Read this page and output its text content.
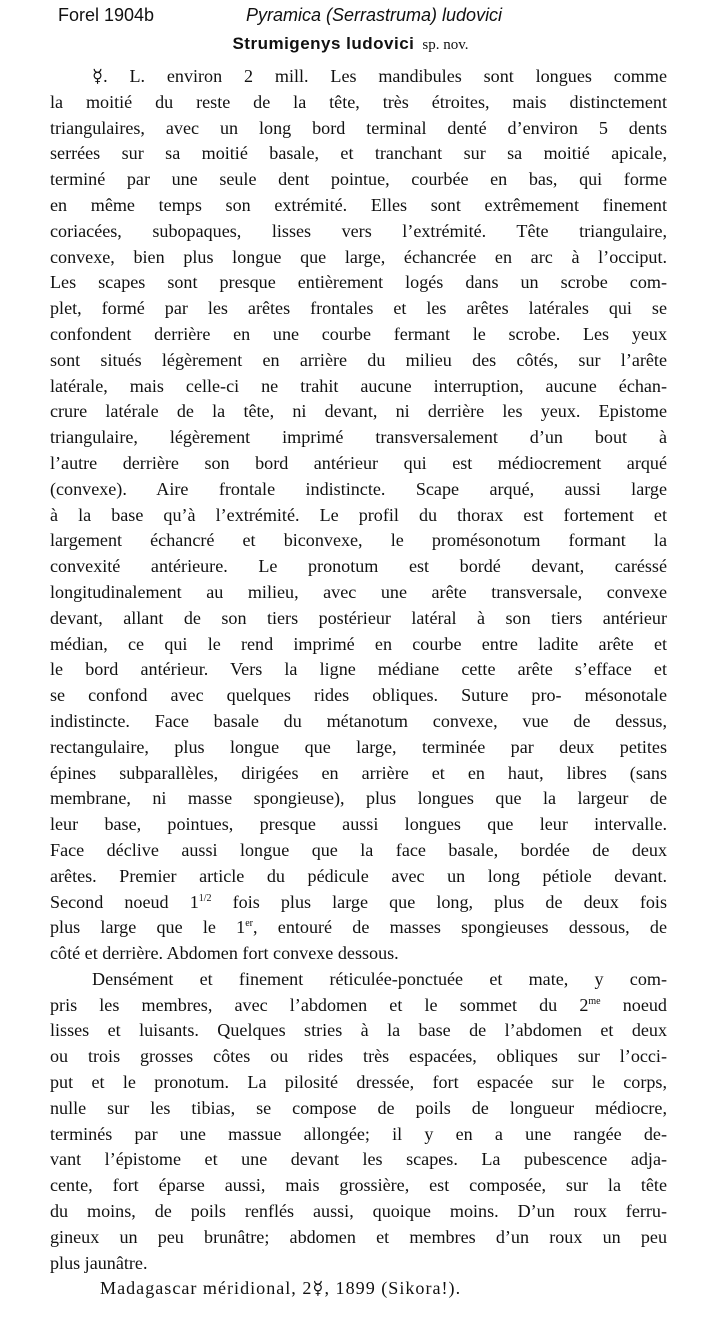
Forel 1904b	Pyramica (Serrastruma) ludovici
Strumigenys ludovici sp. nov.
☿. L. environ 2 mill. Les mandibules sont longues comme
la moitié du reste de la tête, très étroites, mais distinctement
triangulaires, avec un long bord terminal denté d’environ 5 dents
serrées sur sa moitié basale, et tranchant sur sa moitié apicale,
terminé par une seule dent pointue, courbée en bas, qui forme
en même temps son extrémité. Elles sont extrêmement finement
coriacées, subopaques, lisses vers l’extrémité. Tête triangulaire,
convexe, bien plus longue que large, échancrée en arc à l’occiput.
Les scapes sont presque entièrement logés dans un scrobe com-
plet, formé par les arêtes frontales et les arêtes latérales qui se
confondent derrière en une courbe fermant le scrobe. Les yeux
sont situés légèrement en arrière du milieu des côtés, sur l’arête
latérale, mais celle-ci ne trahit aucune interruption, aucune échan-
crure latérale de la tête, ni devant, ni derrière les yeux. Epistome
triangulaire, légèrement imprimé transversalement d’un bout à
l’autre derrière son bord antérieur qui est médiocrement arqué
(convexe). Aire frontale indistincte. Scape arqué, aussi large
à la base qu’à l’extrémité. Le profil du thorax est fortement et
largement échancré et biconvexe, le promésonotum formant la
convexité antérieure. Le pronotum est bordé devant, caréssé
longitudinalement au milieu, avec une arête transversale, convexe
devant, allant de son tiers postérieur latéral à son tiers antérieur
médian, ce qui le rend imprimé en courbe entre ladite arête et
le bord antérieur. Vers la ligne médiane cette arête s’efface et
se confond avec quelques rides obliques. Suture pro- mésonotale
indistincte. Face basale du métanotum convexe, vue de dessus,
rectangulaire, plus longue que large, terminée par deux petites
épines subparallèles, dirigées en arrière et en haut, libres (sans
membrane, ni masse spongieuse), plus longues que la largeur de
leur base, pointues, presque aussi longues que leur intervalle.
Face déclive aussi longue que la face basale, bordée de deux
arêtes. Premier article du pédicule avec un long pétiole devant.
Second noeud $1^{1/2}$ fois plus large que long, plus de deux fois
plus large que le 1er, entouré de masses spongieuses dessous, de
côté et derrière. Abdomen fort convexe dessous.
Densément et finement réticulée-ponctuée et mate, y com-
pris les membres, avec l’abdomen et le sommet du $2^{me}$ noeud
lisses et luisants. Quelques stries à la base de l’abdomen et deux
ou trois grosses côtes ou rides très espacées, obliques sur l’occi-
put et le pronotum. La pilosité dressée, fort espacée sur le corps,
nulle sur les tibias, se compose de poils de longueur médiocre,
terminés par une massue allongée; il y en a une rangée de-
vant l’épistome et une devant les scapes. La pubescence adja-
cente, fort éparse aussi, mais grossière, est composée, sur la tête
du moins, de poils renflés aussi, quoique moins. D’un roux ferru-
gineux un peu brunâtre; abdomen et membres d’un roux un peu
plus jaunâtre.
Madagascar méridional, 2☿, 1899 (Sikora!).
